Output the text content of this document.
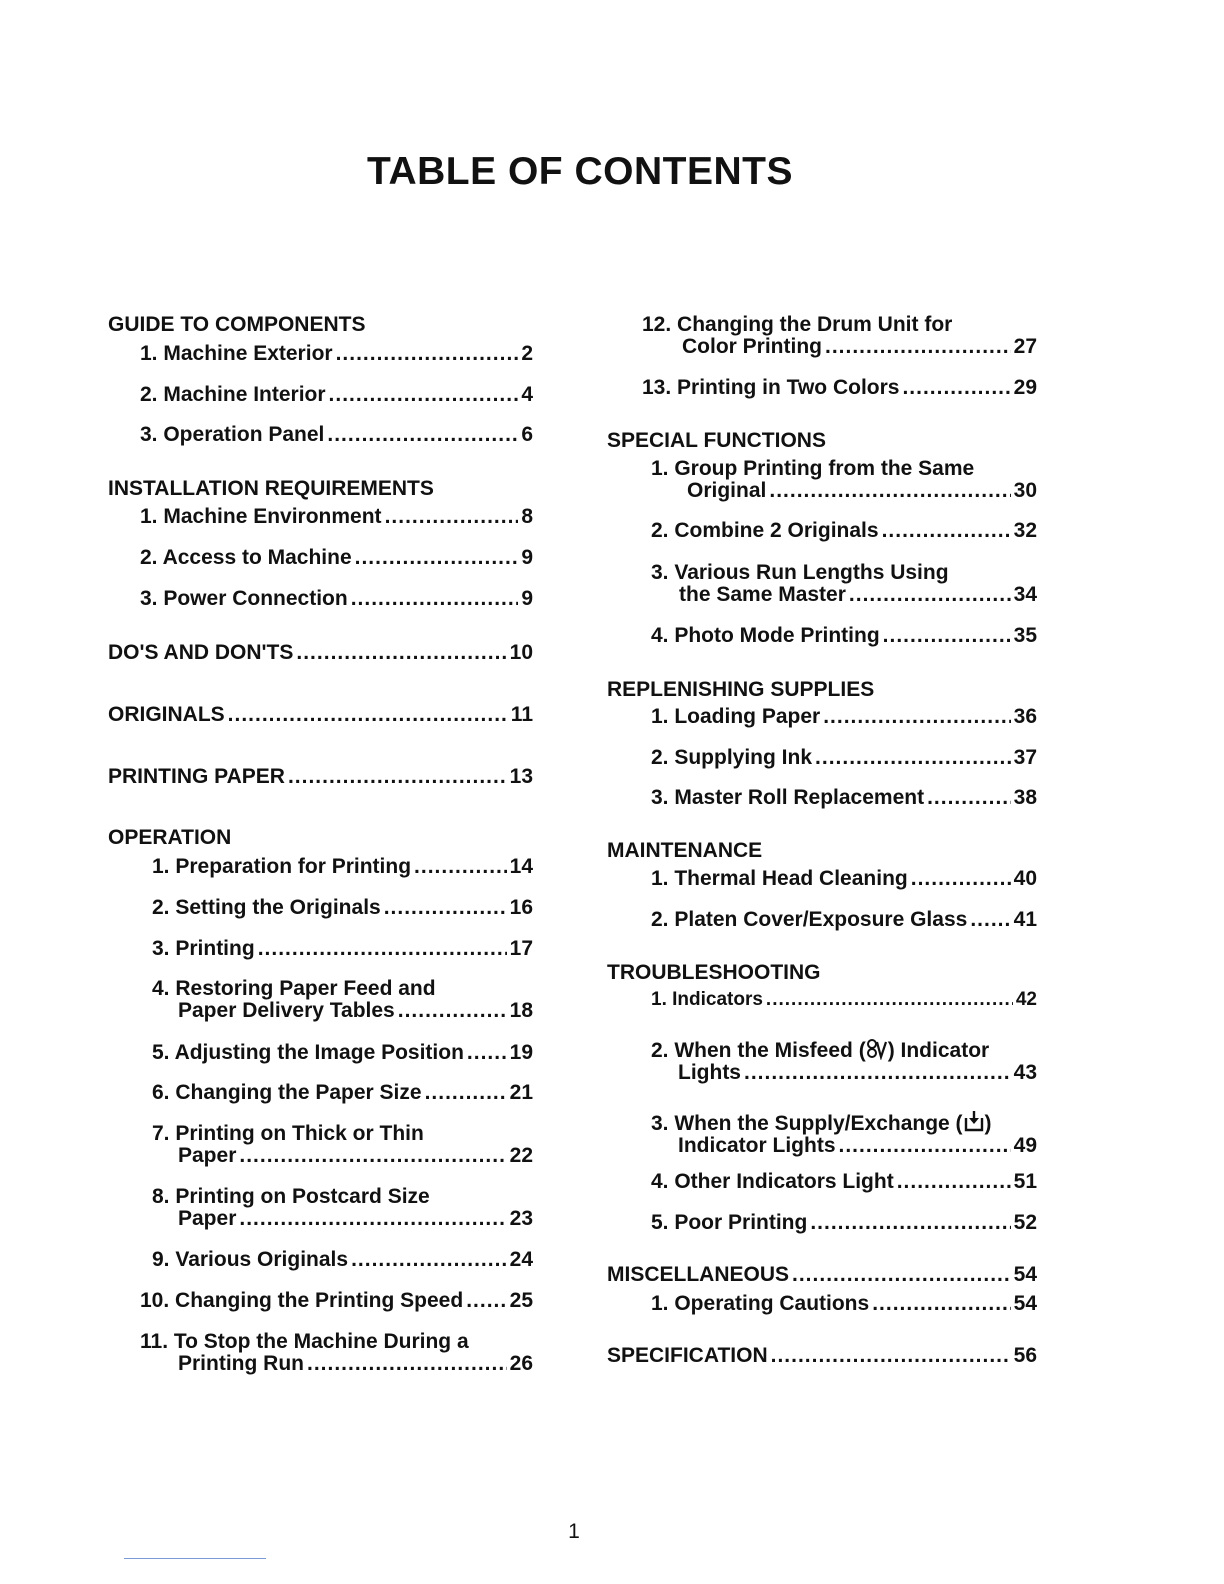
TABLE OF CONTENTS
GUIDE TO COMPONENTS
1. Machine Exterior .....	2
2. Machine Interior .....	4
3. Operation Panel .....	6
INSTALLATION REQUIREMENTS
1. Machine Environment .....	8
2. Access to Machine .....	9
3. Power Connection .....	9
DO'S AND DON'TS .....	10
ORIGINALS .....	11
PRINTING PAPER .....	13
OPERATION
1. Preparation for Printing .....	14
2. Setting the Originals .....	16
3. Printing .....	17
4. Restoring Paper Feed and
Paper Delivery Tables .....	18
5. Adjusting the Image Position ..... 19
6. Changing the Paper Size .....	21
7. Printing on Thick or Thin
Paper .....	22
8. Printing on Postcard Size
Paper .....	23
9. Various Originals .....	24
10. Changing the Printing Speed ..... 25
11. To Stop the Machine During a
Printing Run .....	26
12. Changing the Drum Unit for
Color Printing .....	27
13. Printing in Two Colors .....	29
SPECIAL FUNCTIONS
1. Group Printing from the Same
Original .....	30
2. Combine 2 Originals .....	32
3. Various Run Lengths Using
the Same Master .....	34
4. Photo Mode Printing .....	35
REPLENISHING SUPPLIES
1. Loading Paper .....	36
2. Supplying Ink .....	37
3. Master Roll Replacement .....	38
MAINTENANCE
1. Thermal Head Cleaning .....	40
2. Platen Cover/Exposure Glass ..... 41
TROUBLESHOOTING
1. Indicators .....	42
2. When the Misfeed ( ) Indicator
Lights .....	43
3. When the Supply/Exchange ( )
Indicator Lights .....	49
4. Other Indicators Light .....	51
5. Poor Printing .....	52
MISCELLANEOUS .....	54
1. Operating Cautions .....	54
SPECIFICATION .....	56
1
